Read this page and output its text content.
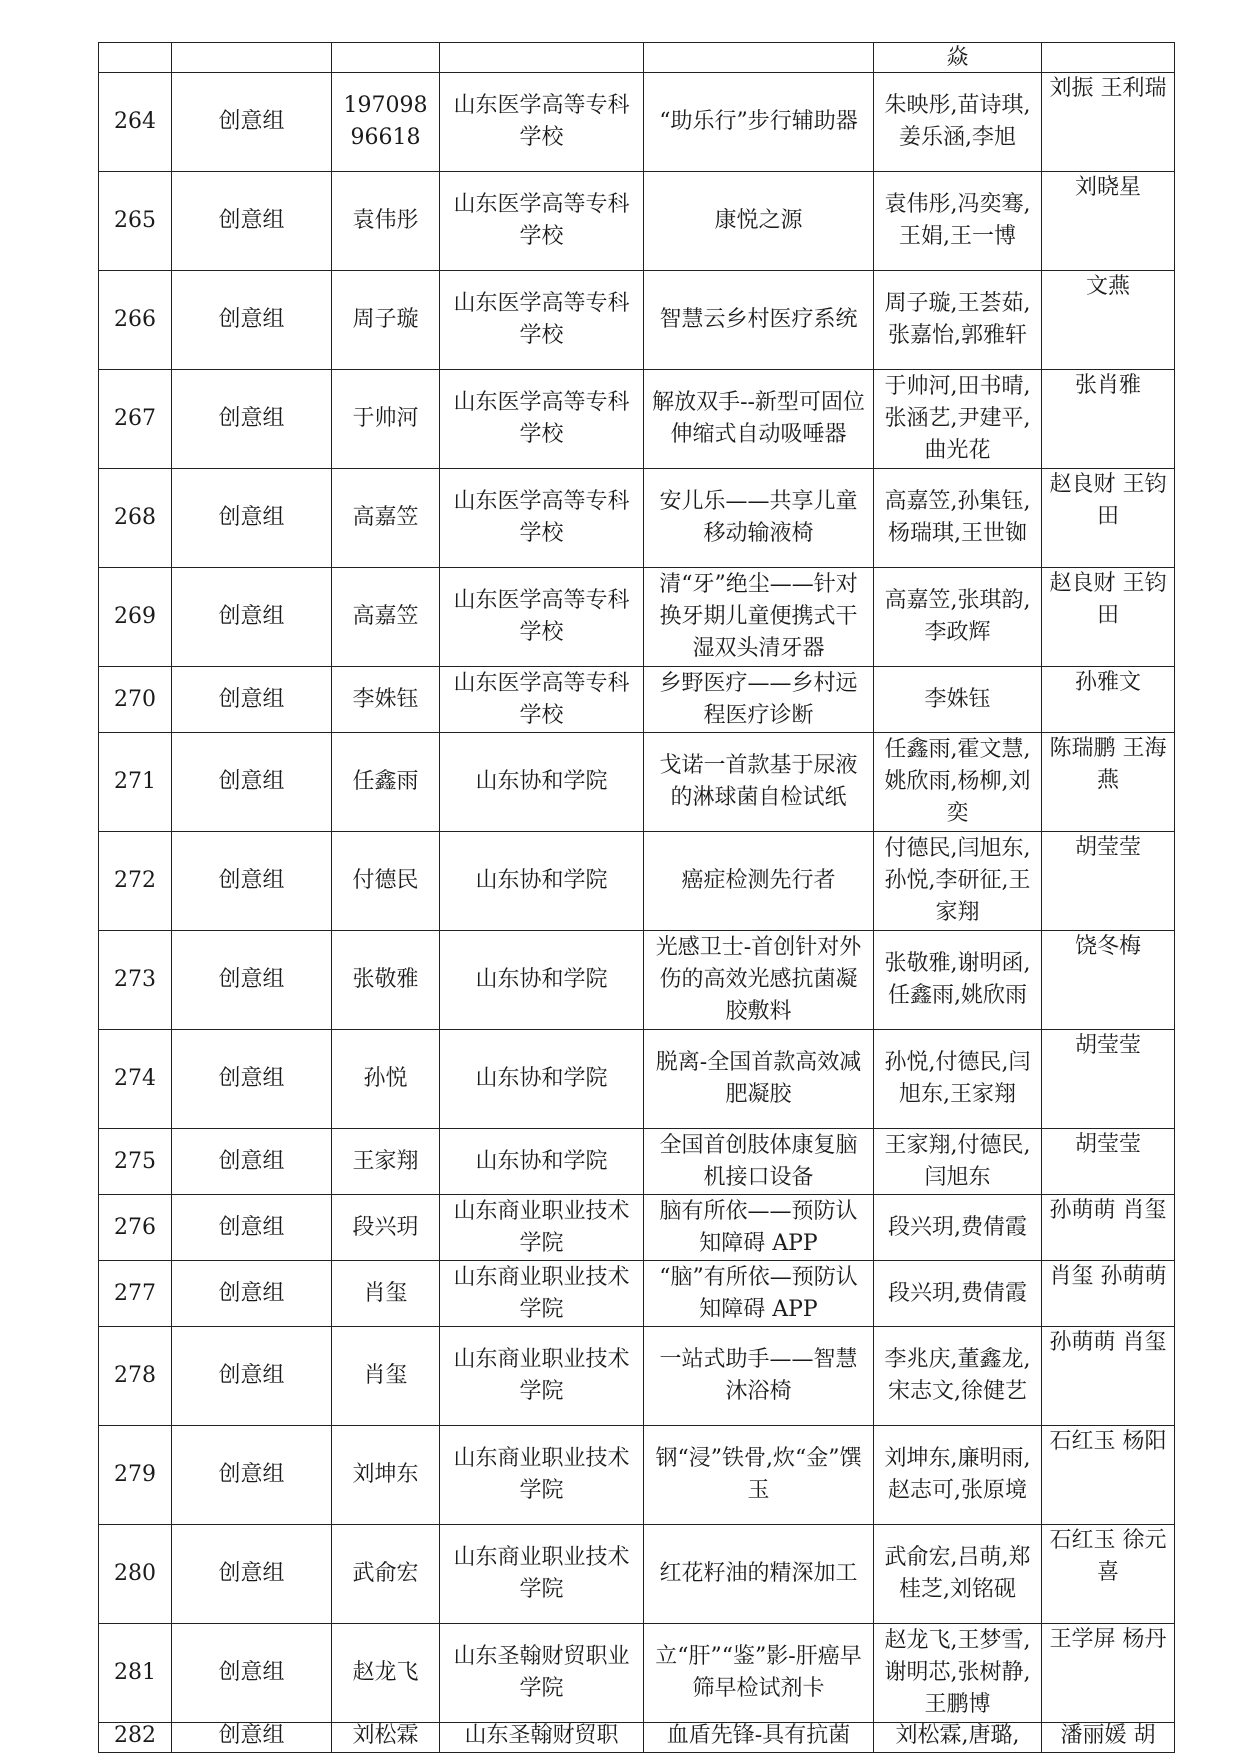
					焱	
264	创意组	19709896618	山东医学高等专科学校	“助乐行”步行辅助器	朱映彤,苗诗琪,姜乐涵,李旭	刘振 王利瑞
265	创意组	袁伟彤	山东医学高等专科学校	康悦之源	袁伟彤,冯奕骞,王娟,王一博	刘晓星
266	创意组	周子璇	山东医学高等专科学校	智慧云乡村医疗系统	周子璇,王荟茹,张嘉怡,郭雅轩	文燕
267	创意组	于帅河	山东医学高等专科学校	解放双手--新型可固位伸缩式自动吸唾器	于帅河,田书晴,张涵艺,尹建平,曲光花	张肖雅
268	创意组	高嘉笠	山东医学高等专科学校	安儿乐——共享儿童移动输液椅	高嘉笠,孙集钰,杨瑞琪,王世铷	赵良财 王钧田
269	创意组	高嘉笠	山东医学高等专科学校	清“牙”绝尘——针对换牙期儿童便携式干湿双头清牙器	高嘉笠,张琪韵,李政辉	赵良财 王钧田
270	创意组	李姝钰	山东医学高等专科学校	乡野医疗——乡村远程医疗诊断	李姝钰	孙雅文
271	创意组	任鑫雨	山东协和学院	戈诺一首款基于尿液的淋球菌自检试纸	任鑫雨,霍文慧,姚欣雨,杨柳,刘奕	陈瑞鹏 王海燕
272	创意组	付德民	山东协和学院	癌症检测先行者	付德民,闫旭东,孙悦,李研征,王家翔	胡莹莹
273	创意组	张敬雅	山东协和学院	光感卫士-首创针对外伤的高效光感抗菌凝胶敷料	张敬雅,谢明函,任鑫雨,姚欣雨	饶冬梅
274	创意组	孙悦	山东协和学院	脱离-全国首款高效减肥凝胶	孙悦,付德民,闫旭东,王家翔	胡莹莹
275	创意组	王家翔	山东协和学院	全国首创肢体康复脑机接口设备	王家翔,付德民,闫旭东	胡莹莹
276	创意组	段兴玥	山东商业职业技术学院	脑有所依——预防认知障碍 APP	段兴玥,费倩霞	孙萌萌 肖玺
277	创意组	肖玺	山东商业职业技术学院	“脑”有所依—预防认知障碍 APP	段兴玥,费倩霞	肖玺 孙萌萌
278	创意组	肖玺	山东商业职业技术学院	一站式助手——智慧沐浴椅	李兆庆,董鑫龙,宋志文,徐健艺	孙萌萌 肖玺
279	创意组	刘坤东	山东商业职业技术学院	钢“浸”铁骨,炊“金”馔玉	刘坤东,廉明雨,赵志可,张原境	石红玉 杨阳
280	创意组	武俞宏	山东商业职业技术学院	红花籽油的精深加工	武俞宏,吕萌,郑桂芝,刘铭砚	石红玉 徐元喜
281	创意组	赵龙飞	山东圣翰财贸职业学院	立“肝”“鉴”影-肝癌早筛早检试剂卡	赵龙飞,王梦雪,谢明芯,张树静,王鹏博	王学屏 杨丹
282	创意组	刘松霖	山东圣翰财贸职	血盾先锋-具有抗菌	刘松霖,唐璐,	潘丽媛 胡
